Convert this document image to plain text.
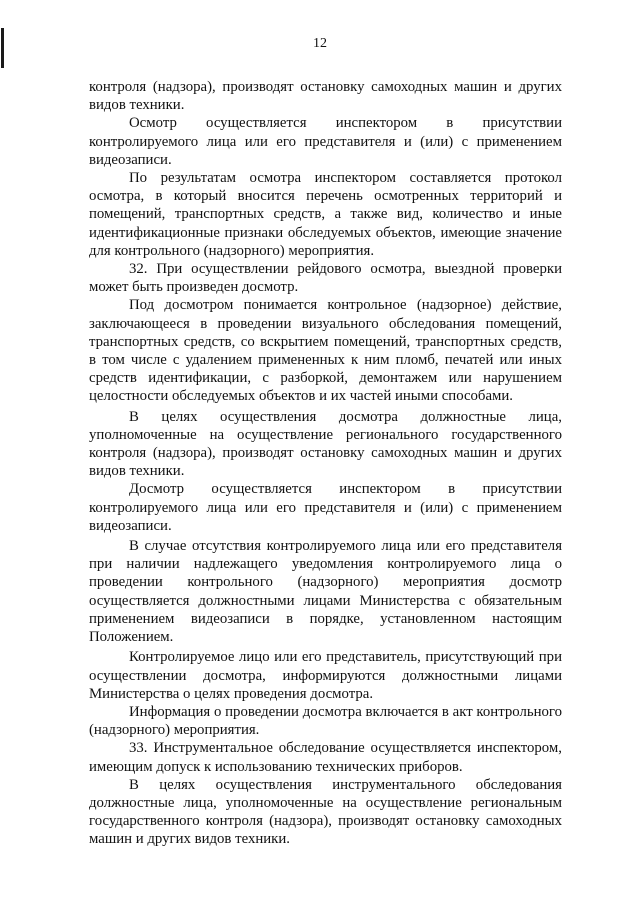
12

контроля (надзора), производят остановку самоходных машин и других видов техники.

Осмотр осуществляется инспектором в присутствии контролируемого лица или его представителя и (или) с применением видеозаписи.

По результатам осмотра инспектором составляется протокол осмотра, в который вносится перечень осмотренных территорий и помещений, транспортных средств, а также вид, количество и иные идентификационные признаки обследуемых объектов, имеющие значение для контрольного (надзорного) мероприятия.

32. При осуществлении рейдового осмотра, выездной проверки может быть произведен досмотр.

Под досмотром понимается контрольное (надзорное) действие, заключающееся в проведении визуального обследования помещений, транспортных средств, со вскрытием помещений, транспортных средств, в том числе с удалением примененных к ним пломб, печатей или иных средств идентификации, с разборкой, демонтажем или нарушением целостности обследуемых объектов и их частей иными способами.

В целях осуществления досмотра должностные лица, уполномоченные на осуществление регионального государственного контроля (надзора), производят остановку самоходных машин и других видов техники.

Досмотр осуществляется инспектором в присутствии контролируемого лица или его представителя и (или) с применением видеозаписи.

В случае отсутствия контролируемого лица или его представителя при наличии надлежащего уведомления контролируемого лица о проведении контрольного (надзорного) мероприятия досмотр осуществляется должностными лицами Министерства с обязательным применением видеозаписи в порядке, установленном настоящим Положением.

Контролируемое лицо или его представитель, присутствующий при осуществлении досмотра, информируются должностными лицами Министерства о целях проведения досмотра.

Информация о проведении досмотра включается в акт контрольного (надзорного) мероприятия.

33. Инструментальное обследование осуществляется инспектором, имеющим допуск к использованию технических приборов.

В целях осуществления инструментального обследования должностные лица, уполномоченные на осуществление региональным государственного контроля (надзора), производят остановку самоходных машин и других видов техники.
